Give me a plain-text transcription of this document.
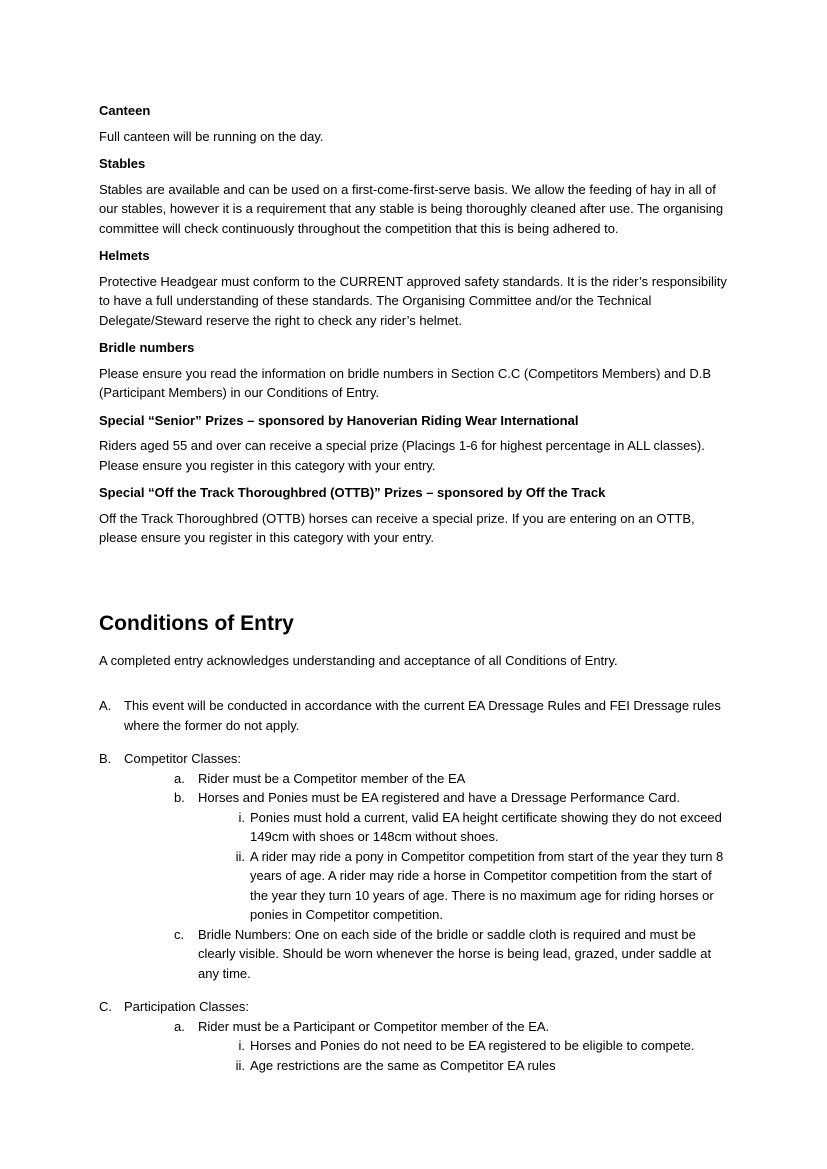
Canteen

Full canteen will be running on the day.

Stables

Stables are available and can be used on a first-come-first-serve basis. We allow the feeding of hay in all of our stables, however it is a requirement that any stable is being thoroughly cleaned after use. The organising committee will check continuously throughout the competition that this is being adhered to.

Helmets

Protective Headgear must conform to the CURRENT approved safety standards. It is the rider’s responsibility to have a full understanding of these standards. The Organising Committee and/or the Technical Delegate/Steward reserve the right to check any rider’s helmet.

Bridle numbers

Please ensure you read the information on bridle numbers in Section C.C (Competitors Members) and D.B (Participant Members) in our Conditions of Entry.

Special “Senior” Prizes – sponsored by Hanoverian Riding Wear International

Riders aged 55 and over can receive a special prize (Placings 1-6 for highest percentage in ALL classes). Please ensure you register in this category with your entry.

Special “Off the Track Thoroughbred (OTTB)” Prizes – sponsored by Off the Track

Off the Track Thoroughbred (OTTB) horses can receive a special prize. If you are entering on an OTTB, please ensure you register in this category with your entry.

Conditions of Entry

A completed entry acknowledges understanding and acceptance of all Conditions of Entry.

A. This event will be conducted in accordance with the current EA Dressage Rules and FEI Dressage rules where the former do not apply.
B. Competitor Classes:
a.	Rider must be a Competitor member of the EA
b.	Horses and Ponies must be EA registered and have a Dressage Performance Card.
i. Ponies must hold a current, valid EA height certificate showing they do not exceed 149cm with shoes or 148cm without shoes.
ii. A rider may ride a pony in Competitor competition from start of the year they turn 8 years of age. A rider may ride a horse in Competitor competition from the start of the year they turn 10 years of age. There is no maximum age for riding horses or ponies in Competitor competition.
c.	Bridle Numbers: One on each side of the bridle or saddle cloth is required and must be clearly visible. Should be worn whenever the horse is being lead, grazed, under saddle at any time.
C. Participation Classes:
a.	Rider must be a Participant or Competitor member of the EA.
i. Horses and Ponies do not need to be EA registered to be eligible to compete.
ii. Age restrictions are the same as Competitor EA rules
